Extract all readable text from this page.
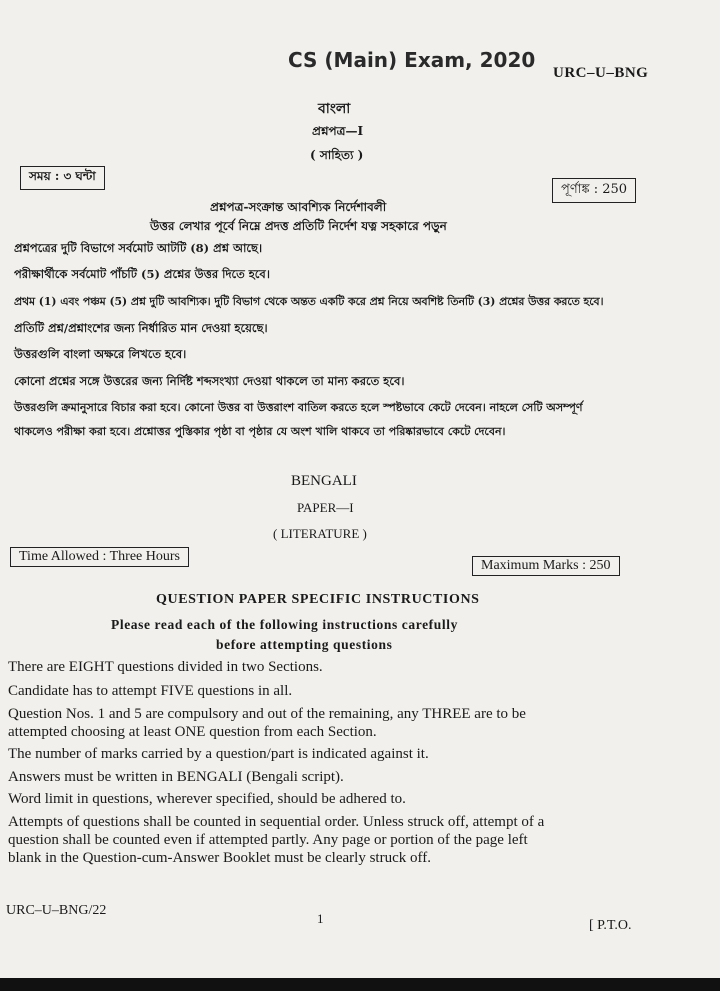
CS (Main) Exam, 2020
URC–U–BNG
বাংলা
প্রশ্নপত্র—I
( সাহিত্য )
সময় : ৩ ঘন্টা
পূর্ণাঙ্ক : 250
প্রশ্নপত্র-সংক্রান্ত আবশ্যিক নির্দেশাবলী
উত্তর লেখার পূর্বে নিম্নে প্রদত্ত প্রতিটি নির্দেশ যত্ন সহকারে পড়ুন
প্রশ্নপত্রের দুটি বিভাগে সর্বমোট আটটি (8) প্রশ্ন আছে।
পরীক্ষার্থীকে সর্বমোট পাঁচটি (5) প্রশ্নের উত্তর দিতে হবে।
প্রথম (1) এবং পঞ্চম (5) প্রশ্ন দুটি আবশ্যিক। দুটি বিভাগ থেকে অন্তত একটি করে প্রশ্ন নিয়ে অবশিষ্ট তিনটি (3) প্রশ্নের উত্তর করতে হবে।
প্রতিটি প্রশ্ন/প্রশ্নাংশের জন্য নির্ধারিত মান দেওয়া হয়েছে।
উত্তরগুলি বাংলা অক্ষরে লিখতে হবে।
কোনো প্রশ্নের সঙ্গে উত্তরের জন্য নির্দিষ্ট শব্দসংখ্যা দেওয়া থাকলে তা মান্য করতে হবে।
উত্তরগুলি ক্রমানুসারে বিচার করা হবে। কোনো উত্তর বা উত্তরাংশ বাতিল করতে হলে স্পষ্টভাবে কেটে দেবেন। নাহলে সেটি অসম্পূর্ণ
থাকলেও পরীক্ষা করা হবে। প্রশ্নোত্তর পুস্তিকার পৃষ্ঠা বা পৃষ্ঠার যে অংশ খালি থাকবে তা পরিষ্কারভাবে কেটে দেবেন।
BENGALI
PAPER—I
( LITERATURE )
Time Allowed : Three Hours
Maximum Marks : 250
QUESTION PAPER SPECIFIC INSTRUCTIONS
Please read each of the following instructions carefully
before attempting questions
There are EIGHT questions divided in two Sections.
Candidate has to attempt FIVE questions in all.
Question Nos. 1 and 5 are compulsory and out of the remaining, any THREE are to be
attempted choosing at least ONE question from each Section.
The number of marks carried by a question/part is indicated against it.
Answers must be written in BENGALI (Bengali script).
Word limit in questions, wherever specified, should be adhered to.
Attempts of questions shall be counted in sequential order. Unless struck off, attempt of a
question shall be counted even if attempted partly. Any page or portion of the page left
blank in the Question-cum-Answer Booklet must be clearly struck off.
URC–U–BNG/22
1	[ P.T.O.
